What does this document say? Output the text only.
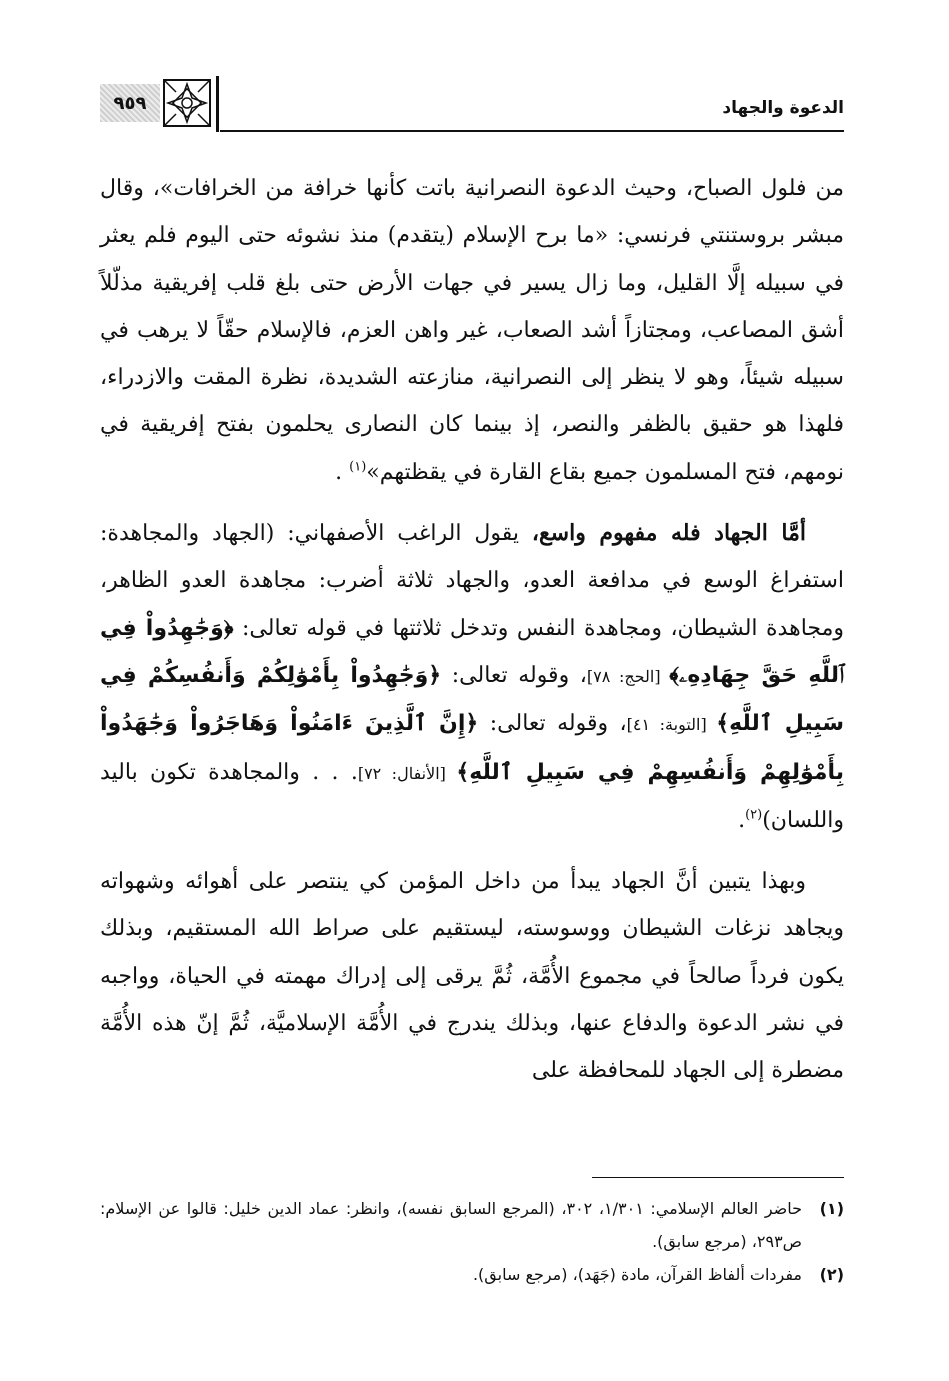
٩٥٩	الدعوة والجهاد

من فلول الصباح، وحيث الدعوة النصرانية باتت كأنها خرافة من الخرافات»، وقال مبشر بروستنتي فرنسي: «ما برح الإسلام (يتقدم) منذ نشوئه حتى اليوم فلم يعثر في سبيله إلَّا القليل، وما زال يسير في جهات الأرض حتى بلغ قلب إفريقية مذلّلاً أشق المصاعب، ومجتازاً أشد الصعاب، غير واهن العزم، فالإسلام حقّاً لا يرهب في سبيله شيئاً، وهو لا ينظر إلى النصرانية، منازعته الشديدة، نظرة المقت والازدراء، فلهذا هو حقيق بالظفر والنصر، إذ بينما كان النصارى يحلمون بفتح إفريقية في نومهم، فتح المسلمون جميع بقاع القارة في يقظتهم»$^{(١)}$ .

أمَّا الجهاد فله مفهوم واسع، يقول الراغب الأصفهاني: (الجهاد والمجاهدة: استفراغ الوسع في مدافعة العدو، والجهاد ثلاثة أضرب: مجاهدة العدو الظاهر، ومجاهدة الشيطان، ومجاهدة النفس وتدخل ثلاثتها في قوله تعالى: ﴿وَجَٰهِدُواْ فِي ٱللَّهِ حَقَّ جِهَادِهِۦ﴾ [الحج: ٧٨]، وقوله تعالى: ﴿وَجَٰهِدُواْ بِأَمْوَٰلِكُمْ وَأَنفُسِكُمْ فِي سَبِيلِ ٱللَّهِ﴾ [التوبة: ٤١]، وقوله تعالى: ﴿إِنَّ ٱلَّذِينَ ءَامَنُواْ وَهَاجَرُواْ وَجَٰهَدُواْ بِأَمْوَٰلِهِمْ وَأَنفُسِهِمْ فِي سَبِيلِ ٱللَّهِ﴾ [الأنفال: ٧٢]. . . والمجاهدة تكون باليد واللسان)$^{(٢)}$.

وبهذا يتبين أنَّ الجهاد يبدأ من داخل المؤمن كي ينتصر على أهوائه وشهواته ويجاهد نزغات الشيطان ووسوسته، ليستقيم على صراط الله المستقيم، وبذلك يكون فرداً صالحاً في مجموع الأُمَّة، ثُمَّ يرقى إلى إدراك مهمته في الحياة، وواجبه في نشر الدعوة والدفاع عنها، وبذلك يندرج في الأُمَّة الإسلاميَّة، ثُمَّ إنّ هذه الأُمَّة مضطرة إلى الجهاد للمحافظة على

(١)
حاضر العالم الإسلامي: ١/٣٠١، ٣٠٢، (المرجع السابق نفسه)، وانظر: عماد الدين خليل: قالوا عن الإسلام: ص٢٩٣، (مرجع سابق).

(٢)
مفردات ألفاظ القرآن، مادة (جَهَد)، (مرجع سابق).
